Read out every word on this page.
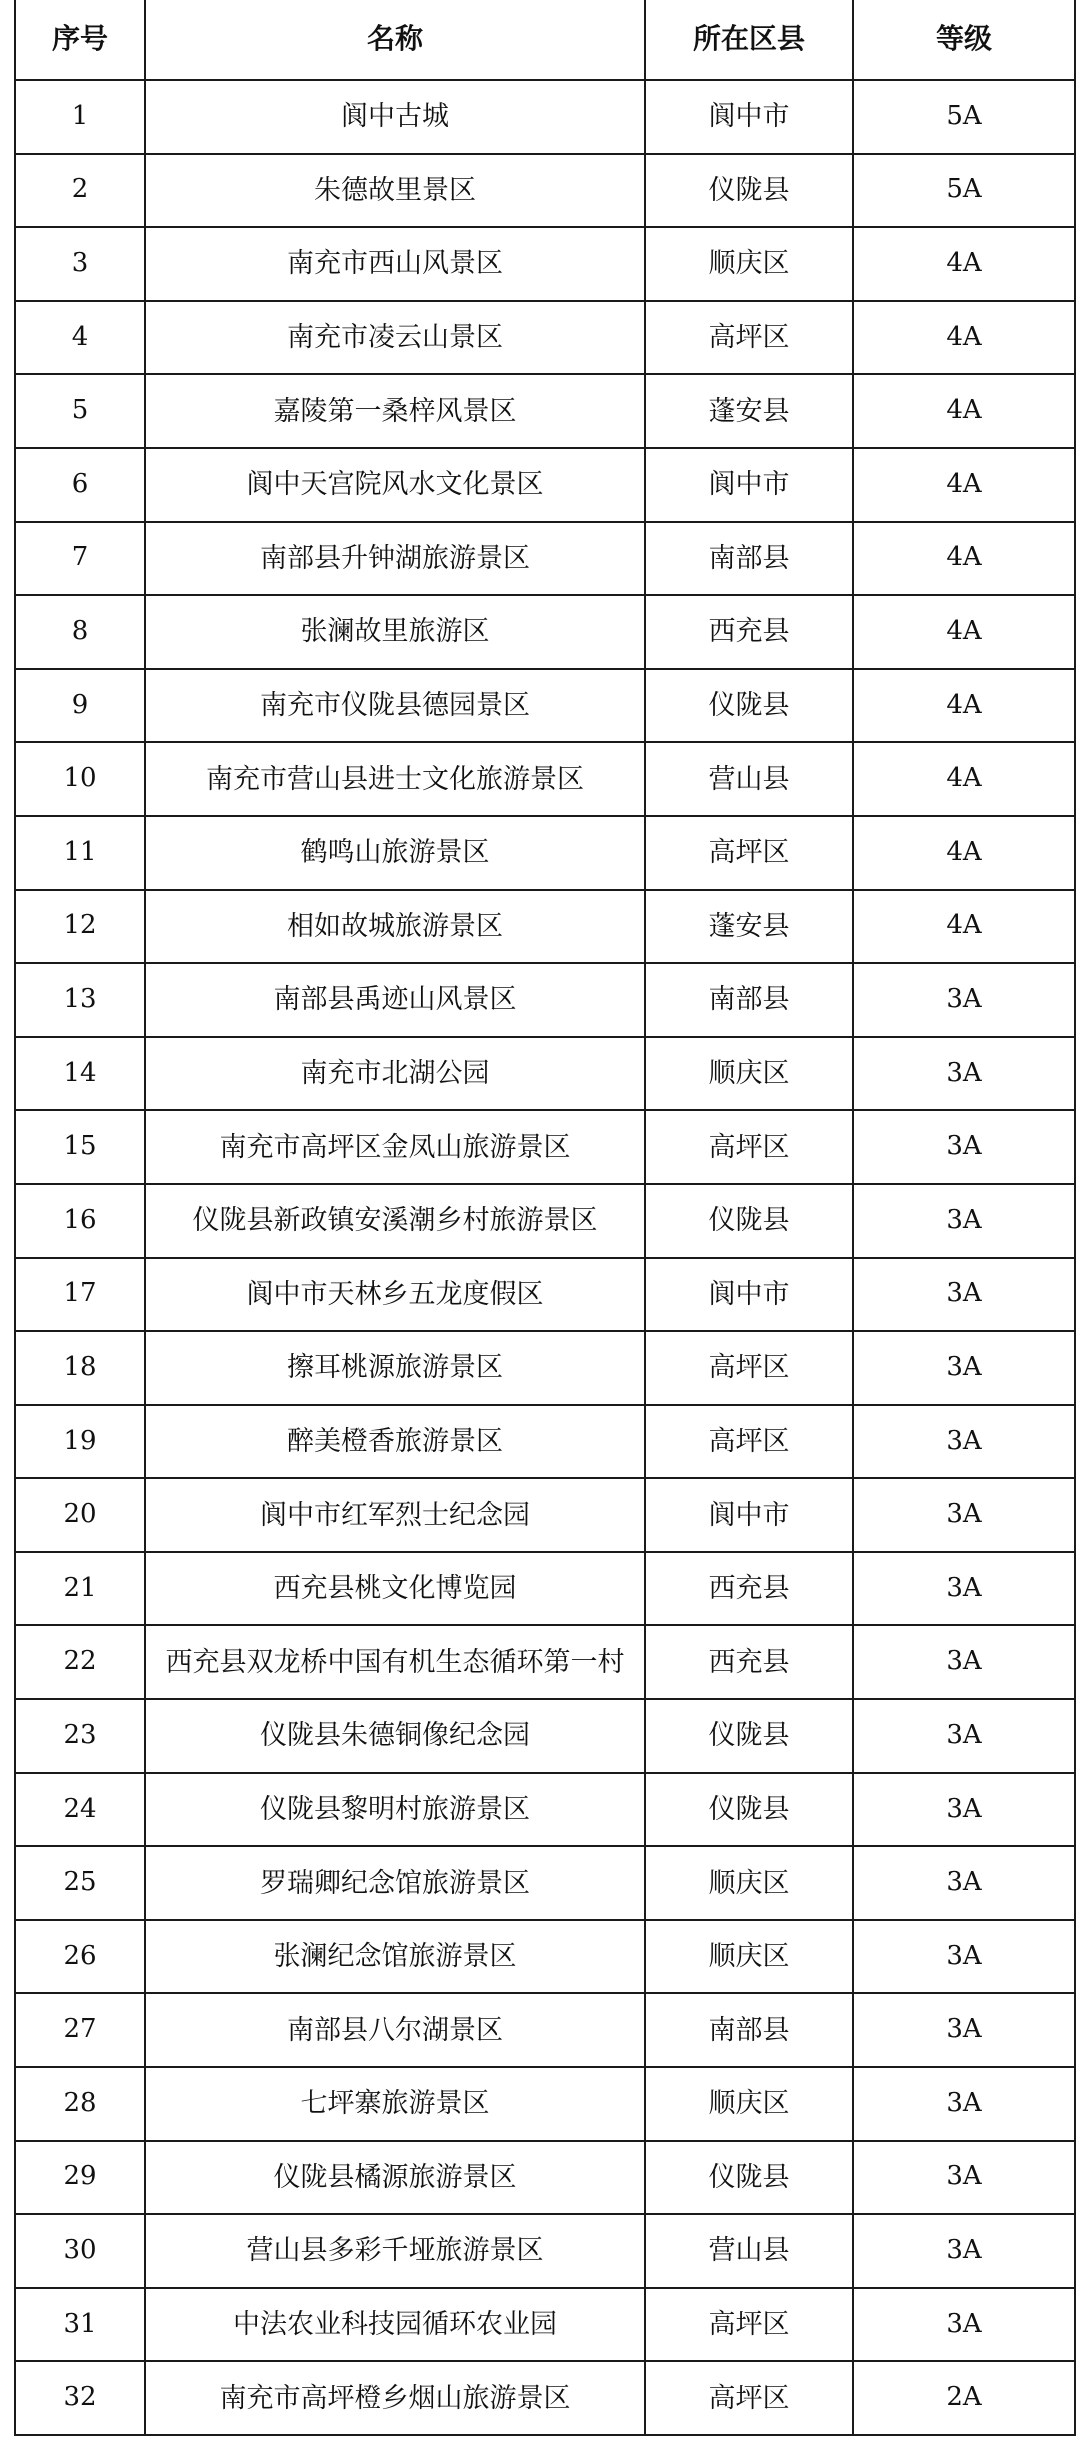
序号	名称	所在区县	等级
1	阆中古城	阆中市	5A
2	朱德故里景区	仪陇县	5A
3	南充市西山风景区	顺庆区	4A
4	南充市凌云山景区	高坪区	4A
5	嘉陵第一桑梓风景区	蓬安县	4A
6	阆中天宫院风水文化景区	阆中市	4A
7	南部县升钟湖旅游景区	南部县	4A
8	张澜故里旅游区	西充县	4A
9	南充市仪陇县德园景区	仪陇县	4A
10	南充市营山县进士文化旅游景区	营山县	4A
11	鹤鸣山旅游景区	高坪区	4A
12	相如故城旅游景区	蓬安县	4A
13	南部县禹迹山风景区	南部县	3A
14	南充市北湖公园	顺庆区	3A
15	南充市高坪区金凤山旅游景区	高坪区	3A
16	仪陇县新政镇安溪潮乡村旅游景区	仪陇县	3A
17	阆中市天林乡五龙度假区	阆中市	3A
18	擦耳桃源旅游景区	高坪区	3A
19	醉美橙香旅游景区	高坪区	3A
20	阆中市红军烈士纪念园	阆中市	3A
21	西充县桃文化博览园	西充县	3A
22	西充县双龙桥中国有机生态循环第一村	西充县	3A
23	仪陇县朱德铜像纪念园	仪陇县	3A
24	仪陇县黎明村旅游景区	仪陇县	3A
25	罗瑞卿纪念馆旅游景区	顺庆区	3A
26	张澜纪念馆旅游景区	顺庆区	3A
27	南部县八尔湖景区	南部县	3A
28	七坪寨旅游景区	顺庆区	3A
29	仪陇县橘源旅游景区	仪陇县	3A
30	营山县多彩千垭旅游景区	营山县	3A
31	中法农业科技园循环农业园	高坪区	3A
32	南充市高坪橙乡烟山旅游景区	高坪区	2A
